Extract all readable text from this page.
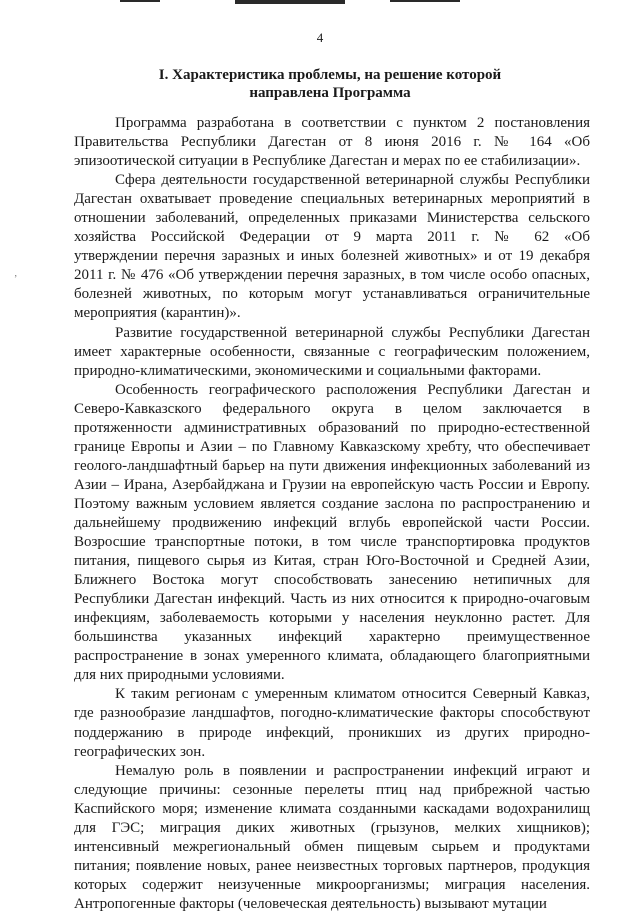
‚
4
I. Характеристика проблемы, на решение которой
направлена Программа
Программа разработана в соответствии с пунктом 2 постановления
Правительства Республики Дагестан от 8 июня 2016 г. № 164 «Об
эпизоотической ситуации в Республике Дагестан и мерах по ее стабилизации».
Сфера деятельности государственной ветеринарной службы Республики
Дагестан охватывает проведение специальных ветеринарных мероприятий в
отношении заболеваний, определенных приказами Министерства сельского
хозяйства Российской Федерации от 9 марта 2011 г. № 62 «Об
утверждении перечня заразных и иных болезней животных» и от 19 декабря
2011 г. № 476 «Об утверждении перечня заразных, в том числе особо опасных,
болезней животных, по которым могут устанавливаться ограничительные
мероприятия (карантин)».
Развитие государственной ветеринарной службы Республики Дагестан
имеет характерные особенности, связанные с географическим положением,
природно-климатическими, экономическими и социальными факторами.
Особенность географического расположения Республики Дагестан и
Северо-Кавказского федерального округа в целом заключается в
протяженности административных образований по природно-естественной
границе Европы и Азии – по Главному Кавказскому хребту, что обеспечивает
геолого-ландшафтный барьер на пути движения инфекционных заболеваний из
Азии – Ирана, Азербайджана и Грузии на европейскую часть России и Европу.
Поэтому важным условием является создание заслона по распространению и
дальнейшему продвижению инфекций вглубь европейской части России.
Возросшие транспортные потоки, в том числе транспортировка продуктов
питания, пищевого сырья из Китая, стран Юго-Восточной и Средней Азии,
Ближнего Востока могут способствовать занесению нетипичных для
Республики Дагестан инфекций. Часть из них относится к природно-очаговым
инфекциям, заболеваемость которыми у населения неуклонно растет. Для
большинства указанных инфекций характерно преимущественное
распространение в зонах умеренного климата, обладающего благоприятными
для них природными условиями.
К таким регионам с умеренным климатом относится Северный Кавказ,
где разнообразие ландшафтов, погодно-климатические факторы способствуют
поддержанию в природе инфекций, проникших из других природно-
географических зон.
Немалую роль в появлении и распространении инфекций играют и
следующие причины: сезонные перелеты птиц над прибрежной частью
Каспийского моря; изменение климата созданными каскадами водохранилищ
для ГЭС; миграция диких животных (грызунов, мелких хищников);
интенсивный межрегиональный обмен пищевым сырьем и продуктами
питания; появление новых, ранее неизвестных торговых партнеров, продукция
которых содержит неизученные микроорганизмы; миграция населения.
Антропогенные факторы (человеческая деятельность) вызывают мутации
